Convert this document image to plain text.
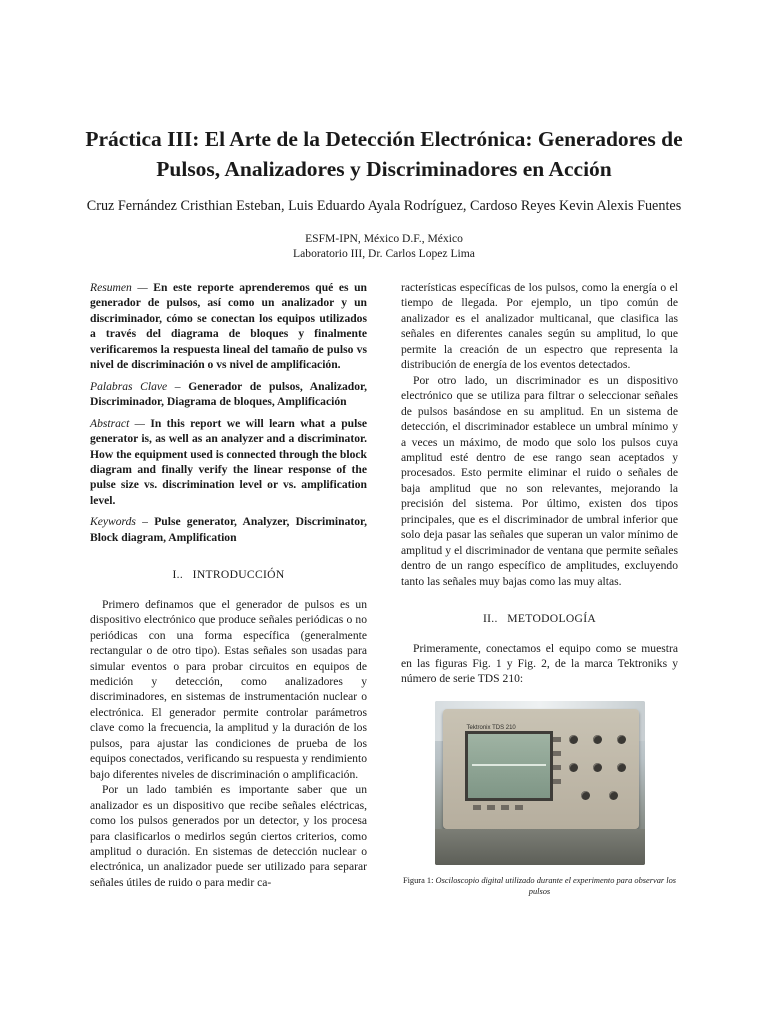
Práctica III: El Arte de la Detección Electrónica: Generadores de Pulsos, Analizadores y Discriminadores en Acción
Cruz Fernández Cristhian Esteban, Luis Eduardo Ayala Rodríguez, Cardoso Reyes Kevin Alexis Fuentes
ESFM-IPN, México D.F., México
Laboratorio III, Dr. Carlos Lopez Lima

Resumen — En este reporte aprenderemos qué es un generador de pulsos, así como un analizador y un discriminador, cómo se conectan los equipos utilizados a través del diagrama de bloques y finalmente verificaremos la respuesta lineal del tamaño de pulso vs nivel de discriminación o vs nivel de amplificación.

Palabras Clave – Generador de pulsos, Analizador, Discriminador, Diagrama de bloques, Amplificación

Abstract — In this report we will learn what a pulse generator is, as well as an analyzer and a discriminator. How the equipment used is connected through the block diagram and finally verify the linear response of the pulse size vs. discrimination level or vs. amplification level.

Keywords – Pulse generator, Analyzer, Discriminator, Block diagram, Amplification

I.. INTRODUCCIÓN

Primero definamos que el generador de pulsos es un dispositivo electrónico que produce señales periódicas o no periódicas con una forma específica (generalmente rectangular o de otro tipo). Estas señales son usadas para simular eventos o para probar circuitos en equipos de medición y detección, como analizadores y discriminadores, en sistemas de instrumentación nuclear o electrónica. El generador permite controlar parámetros clave como la frecuencia, la amplitud y la duración de los pulsos, para ajustar las condiciones de prueba de los equipos conectados, verificando su respuesta y rendimiento bajo diferentes niveles de discriminación o amplificación.

Por un lado también es importante saber que un analizador es un dispositivo que recibe señales eléctricas, como los pulsos generados por un detector, y los procesa para clasificarlos o medirlos según ciertos criterios, como amplitud o duración. En sistemas de detección nuclear o electrónica, un analizador puede ser utilizado para separar señales útiles de ruido o para medir ca-

racterísticas específicas de los pulsos, como la energía o el tiempo de llegada. Por ejemplo, un tipo común de analizador es el analizador multicanal, que clasifica las señales en diferentes canales según su amplitud, lo que permite la creación de un espectro que representa la distribución de energía de los eventos detectados.

Por otro lado, un discriminador es un dispositivo electrónico que se utiliza para filtrar o seleccionar señales de pulsos basándose en su amplitud. En un sistema de detección, el discriminador establece un umbral mínimo y a veces un máximo, de modo que solo los pulsos cuya amplitud esté dentro de ese rango sean aceptados y procesados. Esto permite eliminar el ruido o señales de baja amplitud que no son relevantes, mejorando la precisión del sistema. Por último, existen dos tipos principales, que es el discriminador de umbral inferior que solo deja pasar las señales que superan un valor mínimo de amplitud y el discriminador de ventana que permite señales dentro de un rango específico de amplitudes, excluyendo tanto las señales muy bajas como las muy altas.

II.. METODOLOGÍA

Primeramente, conectamos el equipo como se muestra en las figuras Fig. 1 y Fig. 2, de la marca Tektroniks y número de serie TDS 210:

Tektronix TDS 210
Figura 1: Osciloscopio digital utilizado durante el experimento para observar los pulsos
